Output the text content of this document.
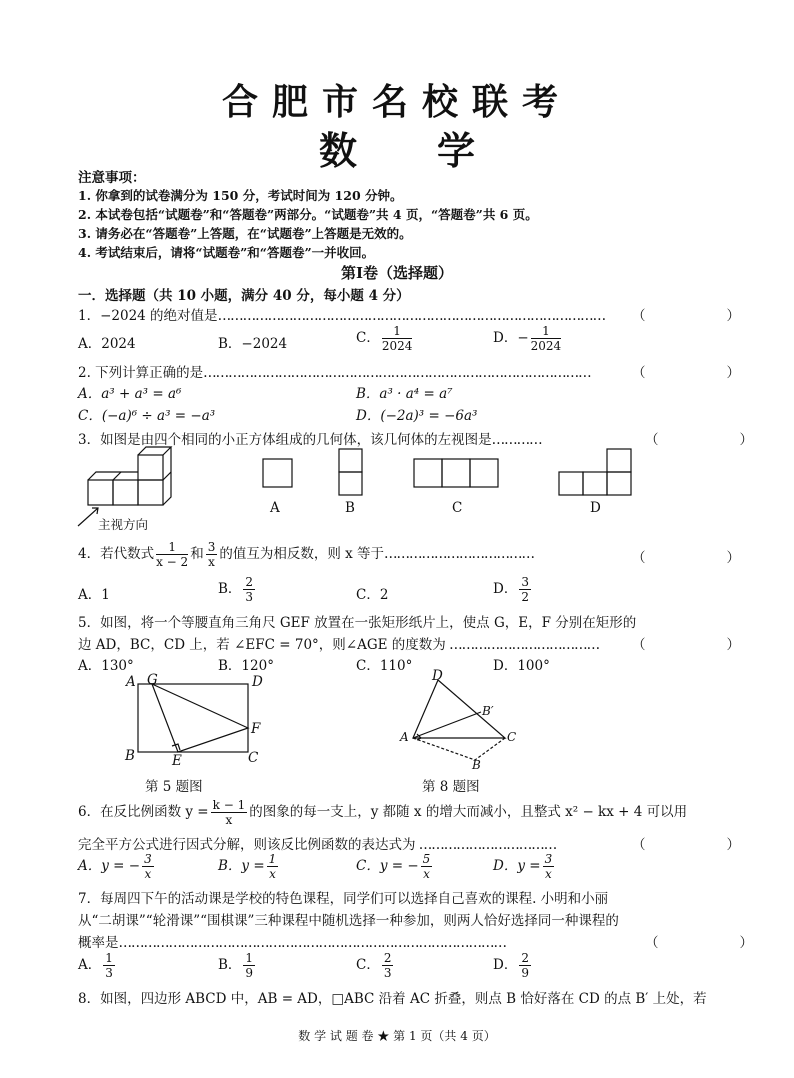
合肥市名校联考
数学
注意事项：
1. 你拿到的试卷满分为 150 分，考试时间为 120 分钟。
2. 本试卷包括“试题卷”和“答题卷”两部分。“试题卷”共 4 页，“答题卷”共 6 页。
3. 请务必在“答题卷”上答题，在“试题卷”上答题是无效的。
4. 考试结束后，请将“试题卷”和“答题卷”一并收回。
第Ⅰ卷（选择题）
一．选择题（共 10 小题，满分 40 分，每小题 4 分）
1．−2024 的绝对值是………………………………………………………………………………… （　　　　　　）
A．2024	B．−2024	C． $\frac{1}{2024}$	D．− $\frac{1}{2024}$
2. 下列计算正确的是…………………………………………………………………………………	（　　　　　　）
A．a³ + a³ = a⁶	B．a³ · a⁴ = a⁷
C．(−a)⁶ ÷ a³ = −a³	D．(−2a)³ = −6a³
3．如图是由四个相同的小正方体组成的几何体，该几何体的左视图是…………	（　　　　　　）
主视方向
A	B	C	D
4．若代数式 $\frac{1}{x - 2}$ 和 $\frac{3}{x}$ 的值互为相反数，则 x 等于………………………………	（　　　　　　）
A．1	B． $\frac{2}{3}$	C．2	D． $\frac{3}{2}$
5．如图，将一个等腰直角三角尺 GEF 放置在一张矩形纸片上，使点 G，E，F 分别在矩形的
边 AD，BC，CD 上，若 ∠EFC = 70°，则∠AGE 的度数为 ……………………………… （　　　　　　）
A．130°	B．120°	C．110°	D．100°
A G	D
F
B	E	C
第 5 题图
D
B′
A	C
B
第 8 题图
6．在反比例函数 $y = \frac{k - 1}{x}$ 的图象的每一支上，y 都随 x 的增大而减小，且整式 x² − kx + 4 可以用
完全平方公式进行因式分解，则该反比例函数的表达式为 ……………………………	（　　　　　　）
A．y = − $\frac{3}{x}$	B．$y = \frac{1}{x}$	C．y = − $\frac{5}{x}$	D．$y = \frac{3}{x}$
7．每周四下午的活动课是学校的特色课程，同学们可以选择自己喜欢的课程. 小明和小丽
从“二胡课”“轮滑课”“围棋课”三种课程中随机选择一种参加，则两人恰好选择同一种课程的
概率是…………………………………………………………………………………	（　　　　　　）
A． $\frac{1}{3}$	B． $\frac{1}{9}$	C． $\frac{2}{3}$	D． $\frac{2}{9}$
8．如图，四边形 ABCD 中，AB = AD，□ABC 沿着 AC 折叠，则点 B 恰好落在 CD 的点 B′ 上处，若
数 学 试 题 卷 ★ 第 1 页（共 4 页）
